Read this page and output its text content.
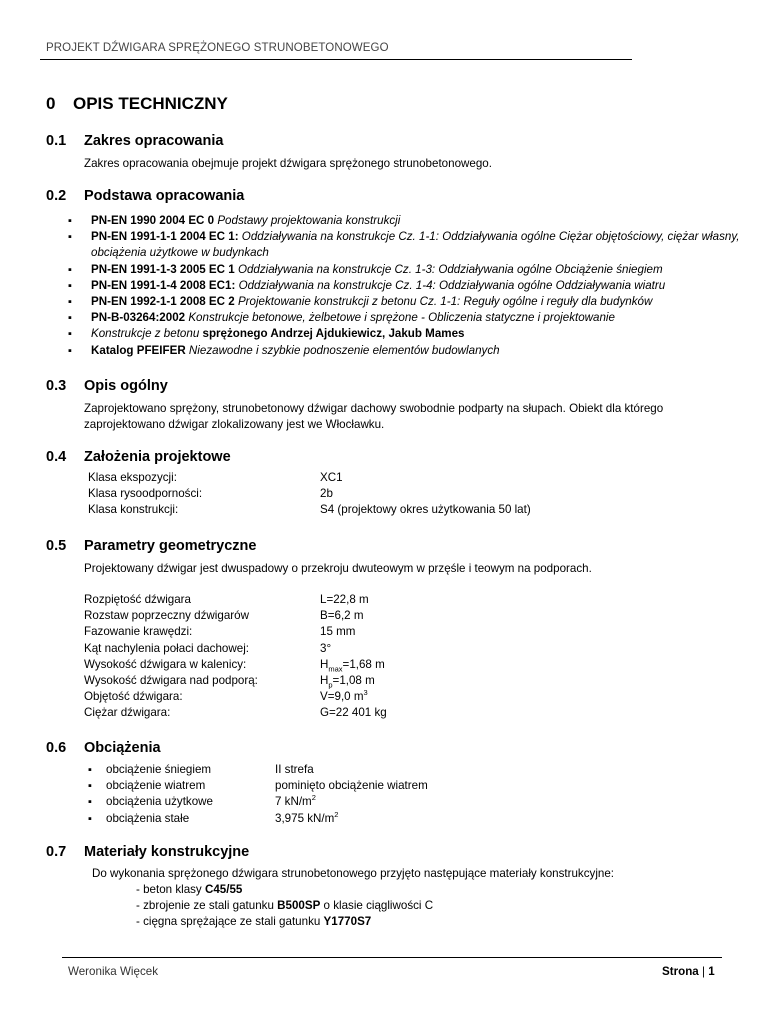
PROJEKT DŹWIGARA SPRĘŻONEGO STRUNOBETONOWEGO
0 OPIS TECHNICZNY
0.1 Zakres opracowania
Zakres opracowania obejmuje projekt dźwigara sprężonego strunobetonowego.
0.2 Podstawa opracowania
▪ PN-EN 1990 2004 EC 0 Podstawy projektowania konstrukcji
▪ PN-EN 1991-1-1 2004 EC 1: Oddziaływania na konstrukcje Cz. 1-1: Oddziaływania ogólne Ciężar objętościowy, ciężar własny, obciążenia użytkowe w budynkach
▪ PN-EN 1991-1-3 2005 EC 1 Oddziaływania na konstrukcje Cz. 1-3: Oddziaływania ogólne Obciążenie śniegiem
▪ PN-EN 1991-1-4 2008 EC1: Oddziaływania na konstrukcje Cz. 1-4: Oddziaływania ogólne Oddziaływania wiatru
▪ PN-EN 1992-1-1 2008 EC 2 Projektowanie konstrukcji z betonu Cz. 1-1: Reguły ogólne i reguły dla budynków
▪ PN-B-03264:2002 Konstrukcje betonowe, żelbetowe i sprężone - Obliczenia statyczne i projektowanie
▪ Konstrukcje z betonu sprężonego Andrzej Ajdukiewicz, Jakub Mames
▪ Katalog PFEIFER Niezawodne i szybkie podnoszenie elementów budowlanych
0.3 Opis ogólny
Zaprojektowano sprężony, strunobetonowy dźwigar dachowy swobodnie podparty na słupach. Obiekt dla którego zaprojektowano dźwigar zlokalizowany jest we Włocławku.
0.4 Założenia projektowe
Klasa ekspozycji:	XC1
Klasa rysoodporności:	2b
Klasa konstrukcji:	S4 (projektowy okres użytkowania 50 lat)
0.5 Parametry geometryczne
Projektowany dźwigar jest dwuspadowy o przekroju dwuteowym w przęśle i teowym na podporach.
Rozpiętość dźwigara	L=22,8 m
Rozstaw poprzeczny dźwigarów	B=6,2 m
Fazowanie krawędzi:	15 mm
Kąt nachylenia połaci dachowej:	3°
Wysokość dźwigara w kalenicy:	$H_{max}=1,68$ m
Wysokość dźwigara nad podporą:	$H_p=1,08$ m
Objętość dźwigara:	V=9,0 $m^3$
Ciężar dźwigara:	G=22 401 kg
0.6 Obciążenia
▪ obciążenie śniegiem	II strefa
▪ obciążenie wiatrem	pominięto obciążenie wiatrem
▪ obciążenia użytkowe	7 $kN/m^2$
▪ obciążenia stałe	3,975 $kN/m^2$
0.7 Materiały konstrukcyjne
Do wykonania sprężonego dźwigara strunobetonowego przyjęto następujące materiały konstrukcyjne:
- beton klasy C45/55
- zbrojenie ze stali gatunku B500SP o klasie ciągliwości C
- cięgna sprężające ze stali gatunku Y1770S7
Weronika Więcek	Strona | 1
